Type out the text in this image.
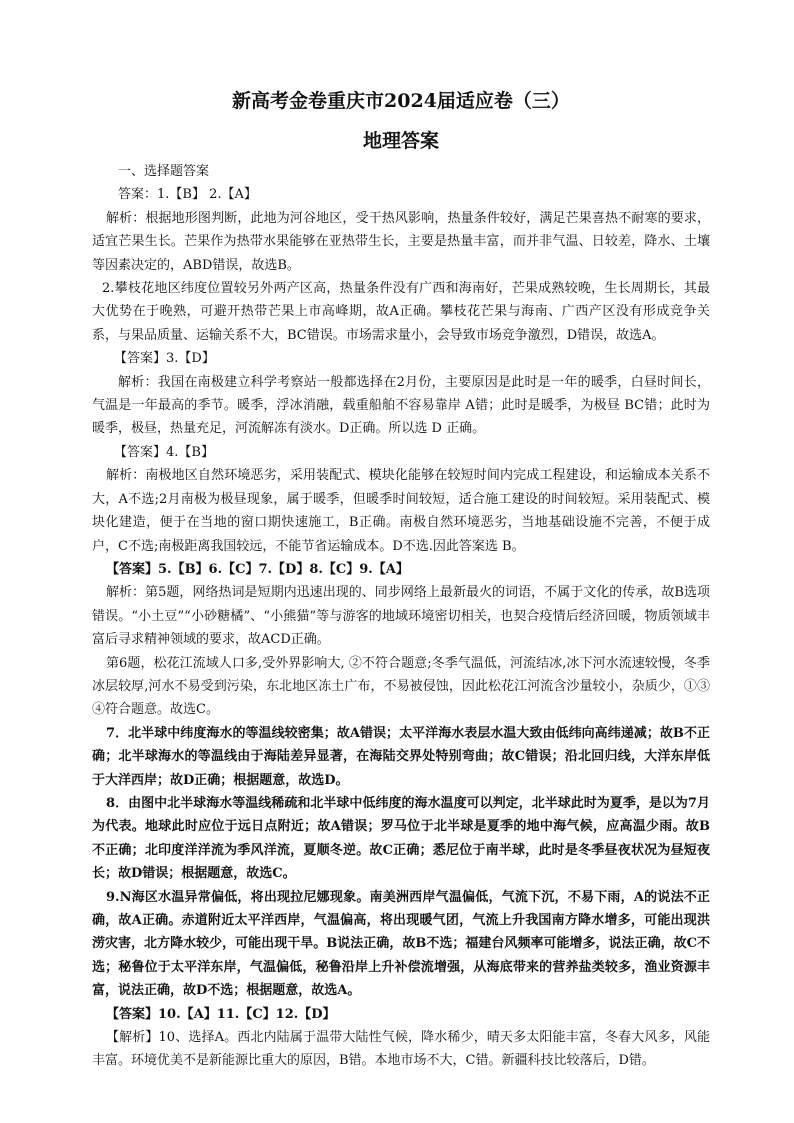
新高考金卷重庆市2024届适应卷（三）
地理答案

一、选择题答案

答案：1.【B】 2.【A】

解析：根据地形图判断，此地为河谷地区，受干热风影响，热量条件较好，满足芒果喜热不耐寒的要求，适宜芒果生长。芒果作为热带水果能够在亚热带生长，主要是热量丰富，而并非气温、日较差，降水、土壤等因素决定的，ABD错误，故选B。

2.攀枝花地区纬度位置较另外两产区高，热量条件没有广西和海南好，芒果成熟较晚，生长周期长，其最大优势在于晚熟，可避开热带芒果上市高峰期，故A正确。攀枝花芒果与海南、广西产区没有形成竞争关系，与果品质量、运输关系不大，BC错误。市场需求量小，会导致市场竞争激烈，D错误，故选A。

【答案】3.【D】

解析：我国在南极建立科学考察站一般都选择在2月份，主要原因是此时是一年的暖季，白昼时间长，气温是一年最高的季节。暖季，浮冰消融，载重船舶不容易靠岸 A错；此时是暖季，为极昼 BC错；此时为暖季，极昼，热量充足，河流解冻有淡水。D正确。所以选 D 正确。

【答案】4.【B】

解析：南极地区自然环境恶劣，采用装配式、模块化能够在较短时间内完成工程建设，和运输成本关系不大，A不选;2月南极为极昼现象，属于暖季，但暖季时间较短，适合施工建设的时间较短。采用装配式、模块化建造，便于在当地的窗口期快速施工，B正确。南极自然环境恶劣，当地基础设施不完善，不便于成户，C不选;南极距离我国较远，不能节省运输成本。D不选.因此答案选 B。

【答案】5.【B】6.【C】7.【D】8.【C】9.【A】

解析：第5题，网络热词是短期内迅速出现的、同步网络上最新最火的词语，不属于文化的传承，故B选项错误。“小土豆”“小砂糖橘”、“小熊猫”等与游客的地域环境密切相关，也契合疫情后经济回暖，物质领域丰富后寻求精神领域的要求，故ACD正确。

第6题，松花江流域人口多,受外界影响大, ②不符合题意;冬季气温低，河流结冰,冰下河水流速较慢，冬季冰层较厚,河水不易受到污染，东北地区冻土广布，不易被侵蚀，因此松花江河流含沙量较小，杂质少，①③④符合题意。故选C。

7．北半球中纬度海水的等温线较密集；故A错误；太平洋海水表层水温大致由低纬向高纬递减；故B不正确；北半球海水的等温线由于海陆差异显著，在海陆交界处特别弯曲；故C错误；沿北回归线，大洋东岸低于大洋西岸；故D正确；根据题意，故选D。

8．由图中北半球海水等温线稀疏和北半球中低纬度的海水温度可以判定，北半球此时为夏季，是以为7月为代表。地球此时应位于远日点附近；故A错误；罗马位于北半球是夏季的地中海气候，应高温少雨。故B不正确；北印度洋洋流为季风洋流，夏顺冬逆。故C正确；悉尼位于南半球，此时是冬季昼夜状况为昼短夜长；故D错误；根据题意，故选C。

9.N海区水温异常偏低，将出现拉尼娜现象。南美洲西岸气温偏低，气流下沉，不易下雨，A的说法不正确，故A正确。赤道附近太平洋西岸，气温偏高，将出现暖气团，气流上升我国南方降水增多，可能出现洪涝灾害，北方降水较少，可能出现干旱。B说法正确，故B不选；福建台风频率可能增多，说法正确，故C不选；秘鲁位于太平洋东岸，气温偏低，秘鲁沿岸上升补偿流增强，从海底带来的营养盐类较多，渔业资源丰富，说法正确，故D不选；根据题意，故选A。

【答案】10.【A】11.【C】12.【D】

【解析】10、选择A。西北内陆属于温带大陆性气候，降水稀少，晴天多太阳能丰富，冬春大风多，风能丰富。环境优美不是新能源比重大的原因，B错。本地市场不大，C错。新疆科技比较落后，D错。
